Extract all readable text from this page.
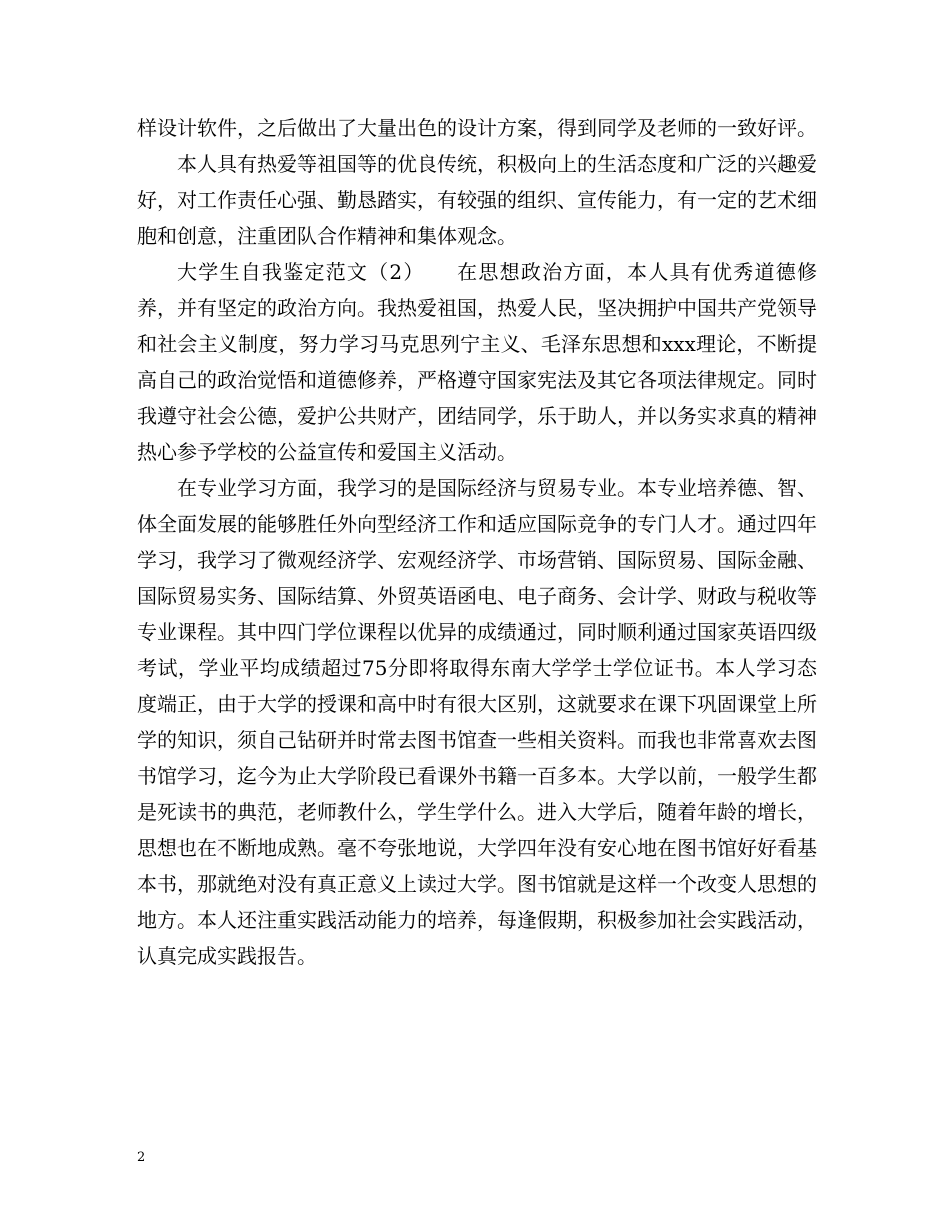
样设计软件，之后做出了大量出色的设计方案，得到同学及老师的一致好评。

本人具有热爱等祖国等的优良传统，积极向上的生活态度和广泛的兴趣爱好，对工作责任心强、勤恳踏实，有较强的组织、宣传能力，有一定的艺术细胞和创意，注重团队合作精神和集体观念。

大学生自我鉴定范文（2）　　在思想政治方面，本人具有优秀道德修养，并有坚定的政治方向。我热爱祖国，热爱人民，坚决拥护中国共产党领导和社会主义制度，努力学习马克思列宁主义、毛泽东思想和xxx理论，不断提高自己的政治觉悟和道德修养，严格遵守国家宪法及其它各项法律规定。同时我遵守社会公德，爱护公共财产，团结同学，乐于助人，并以务实求真的精神热心参予学校的公益宣传和爱国主义活动。

在专业学习方面，我学习的是国际经济与贸易专业。本专业培养德、智、体全面发展的能够胜任外向型经济工作和适应国际竞争的专门人才。通过四年学习，我学习了微观经济学、宏观经济学、市场营销、国际贸易、国际金融、国际贸易实务、国际结算、外贸英语函电、电子商务、会计学、财政与税收等专业课程。其中四门学位课程以优异的成绩通过，同时顺利通过国家英语四级考试，学业平均成绩超过75分即将取得东南大学学士学位证书。本人学习态度端正，由于大学的授课和高中时有很大区别，这就要求在课下巩固课堂上所学的知识，须自己钻研并时常去图书馆查一些相关资料。而我也非常喜欢去图书馆学习，迄今为止大学阶段已看课外书籍一百多本。大学以前，一般学生都是死读书的典范，老师教什么，学生学什么。进入大学后，随着年龄的增长，思想也在不断地成熟。毫不夸张地说，大学四年没有安心地在图书馆好好看基本书，那就绝对没有真正意义上读过大学。图书馆就是这样一个改变人思想的地方。本人还注重实践活动能力的培养，每逢假期，积极参加社会实践活动，认真完成实践报告。

2
